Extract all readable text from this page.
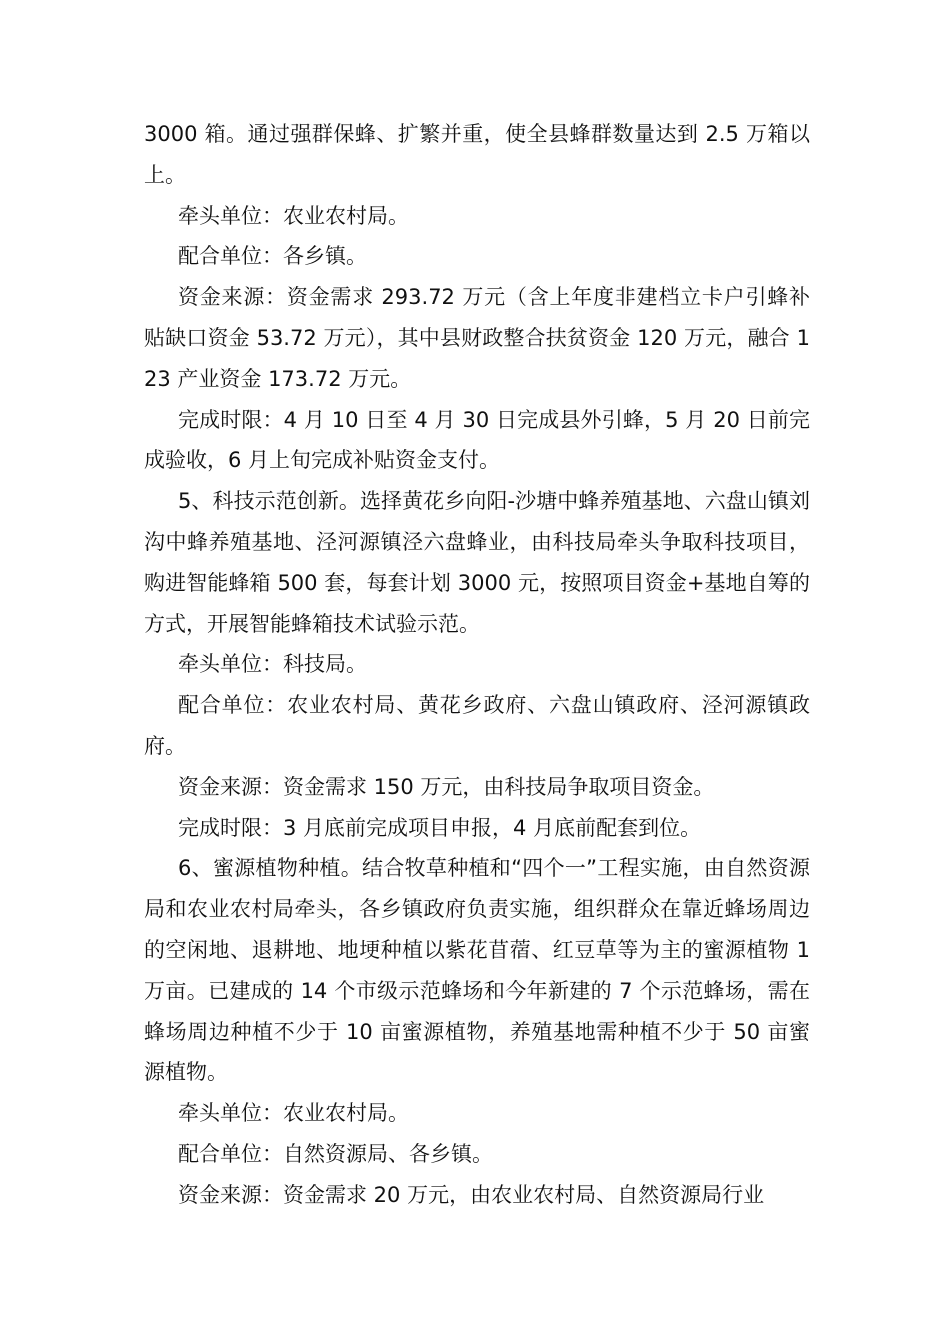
3000 箱。通过强群保蜂、扩繁并重，使全县蜂群数量达到 2.5 万箱以上。

牵头单位：农业农村局。

配合单位：各乡镇。

资金来源：资金需求 293.72 万元（含上年度非建档立卡户引蜂补贴缺口资金 53.72 万元），其中县财政整合扶贫资金 120 万元，融合 123 产业资金 173.72 万元。

完成时限：4 月 10 日至 4 月 30 日完成县外引蜂，5 月 20 日前完成验收，6 月上旬完成补贴资金支付。

5、科技示范创新。选择黄花乡向阳-沙塘中蜂养殖基地、六盘山镇刘沟中蜂养殖基地、泾河源镇泾六盘蜂业，由科技局牵头争取科技项目，购进智能蜂箱 500 套，每套计划 3000 元，按照项目资金+基地自筹的方式，开展智能蜂箱技术试验示范。

牵头单位：科技局。

配合单位：农业农村局、黄花乡政府、六盘山镇政府、泾河源镇政府。

资金来源：资金需求 150 万元，由科技局争取项目资金。

完成时限：3 月底前完成项目申报，4 月底前配套到位。

6、蜜源植物种植。结合牧草种植和“四个一”工程实施，由自然资源局和农业农村局牵头，各乡镇政府负责实施，组织群众在靠近蜂场周边的空闲地、退耕地、地埂种植以紫花苜蓿、红豆草等为主的蜜源植物 1 万亩。已建成的 14 个市级示范蜂场和今年新建的 7 个示范蜂场，需在蜂场周边种植不少于 10 亩蜜源植物，养殖基地需种植不少于 50 亩蜜源植物。

牵头单位：农业农村局。

配合单位：自然资源局、各乡镇。

资金来源：资金需求 20 万元，由农业农村局、自然资源局行业
